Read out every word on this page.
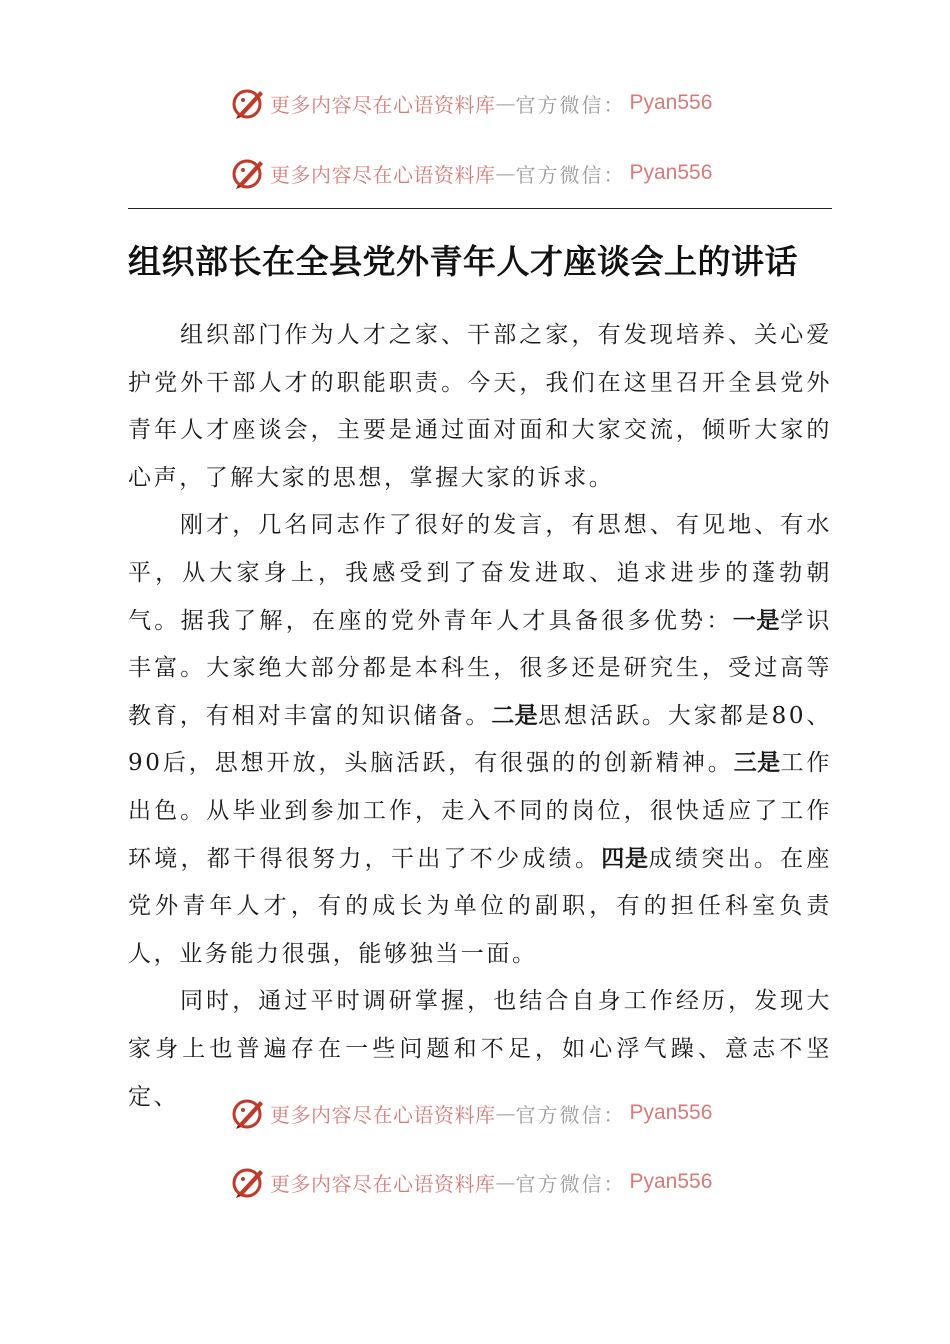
更多内容尽在心语资料库 — 官方微信： Pyan556
更多内容尽在心语资料库 — 官方微信： Pyan556
组织部长在全县党外青年人才座谈会上的讲话

组织部门作为人才之家、干部之家，有发现培养、关心爱护党外干部人才的职能职责。今天，我们在这里召开全县党外青年人才座谈会，主要是通过面对面和大家交流，倾听大家的心声，了解大家的思想，掌握大家的诉求。

刚才，几名同志作了很好的发言，有思想、有见地、有水平，从大家身上，我感受到了奋发进取、追求进步的蓬勃朝气。据我了解，在座的党外青年人才具备很多优势：一是学识丰富。大家绝大部分都是本科生，很多还是研究生，受过高等教育，有相对丰富的知识储备。二是思想活跃。大家都是80、90后，思想开放，头脑活跃，有很强的的创新精神。三是工作出色。从毕业到参加工作，走入不同的岗位，很快适应了工作环境，都干得很努力，干出了不少成绩。四是成绩突出。在座党外青年人才，有的成长为单位的副职，有的担任科室负责人，业务能力很强，能够独当一面。

同时，通过平时调研掌握，也结合自身工作经历，发现大家身上也普遍存在一些问题和不足，如心浮气躁、意志不坚定、

更多内容尽在心语资料库 — 官方微信： Pyan556
更多内容尽在心语资料库 — 官方微信： Pyan556
